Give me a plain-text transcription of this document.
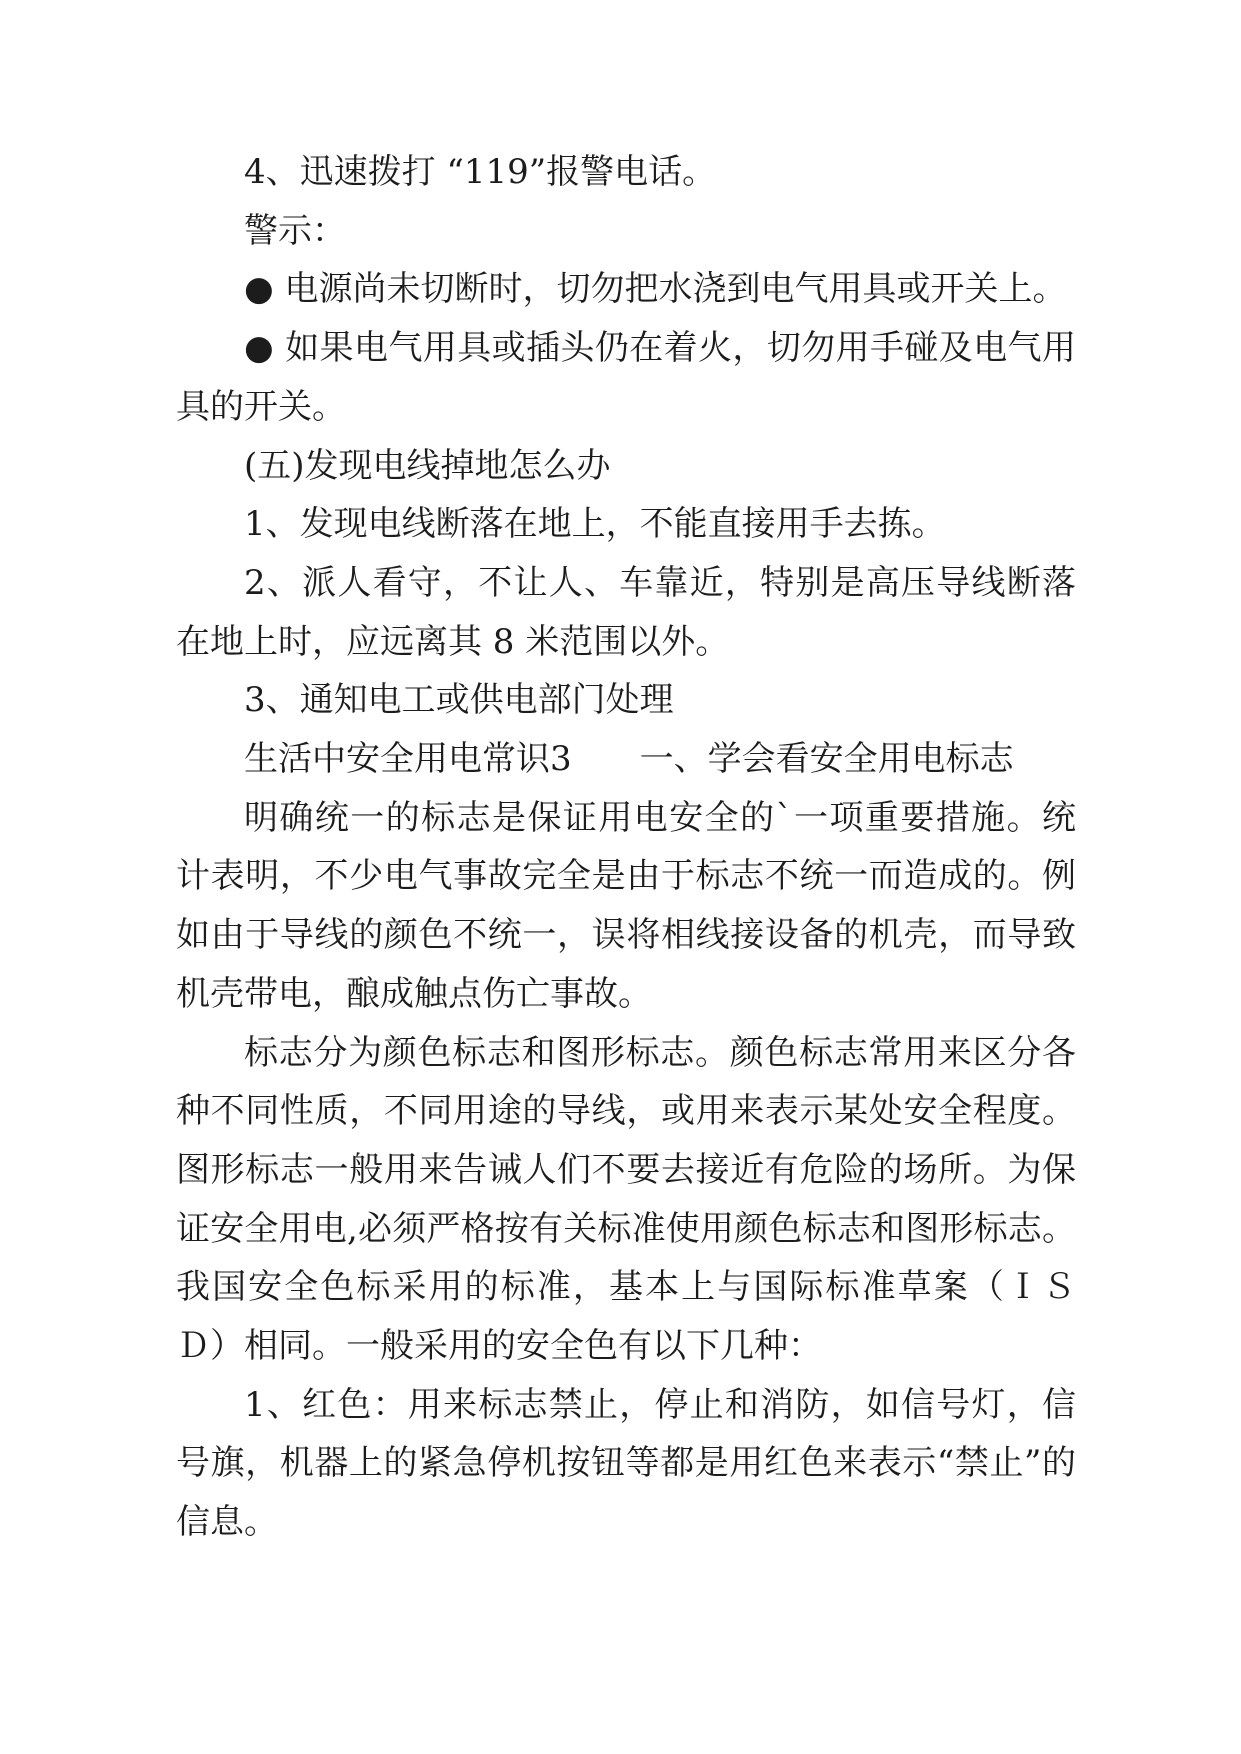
4、迅速拨打 “119”报警电话。

警示：

● 电源尚未切断时，切勿把水浇到电气用具或开关上。

● 如果电气用具或插头仍在着火，切勿用手碰及电气用具的开关。

(五)发现电线掉地怎么办

1、发现电线断落在地上，不能直接用手去拣。

2、派人看守，不让人、车靠近，特别是高压导线断落在地上时，应远离其 8 米范围以外。

3、通知电工或供电部门处理

生活中安全用电常识3　　一、学会看安全用电标志

明确统一的标志是保证用电安全的`一项重要措施。统计表明，不少电气事故完全是由于标志不统一而造成的。例如由于导线的颜色不统一，误将相线接设备的机壳，而导致机壳带电，酿成触点伤亡事故。

标志分为颜色标志和图形标志。颜色标志常用来区分各种不同性质，不同用途的导线，或用来表示某处安全程度。图形标志一般用来告诫人们不要去接近有危险的场所。为保证安全用电,必须严格按有关标准使用颜色标志和图形标志。我国安全色标采用的标准，基本上与国际标准草案（ＩＳＤ）相同。一般采用的安全色有以下几种：

1、红色：用来标志禁止，停止和消防，如信号灯，信号旗，机器上的紧急停机按钮等都是用红色来表示“禁止”的信息。
